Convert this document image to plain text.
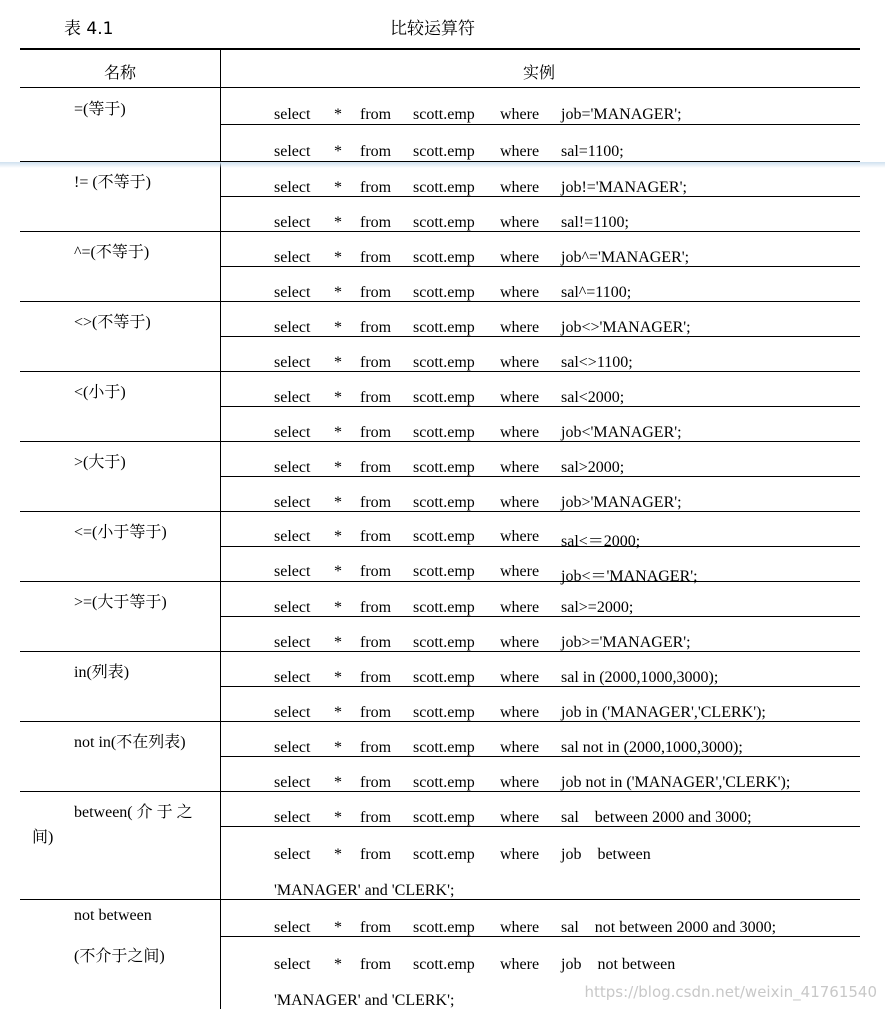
表 4.1	比较运算符
名称	实例
=(等于)	select * from scott.emp where job='MANAGER';
select * from scott.emp where sal=1100;
!= (不等于)	select * from scott.emp where job!='MANAGER';
select * from scott.emp where sal!=1100;
^=(不等于)	select * from scott.emp where job^='MANAGER';
select * from scott.emp where sal^=1100;
<>(不等于)	select * from scott.emp where job<>'MANAGER';
select * from scott.emp where sal<>1100;
<(小于)	select * from scott.emp where sal<2000;
select * from scott.emp where job<'MANAGER';
>(大于)	select * from scott.emp where sal>2000;
select * from scott.emp where job>'MANAGER';
<=(小于等于)	select * from scott.emp where sal<＝2000;
select * from scott.emp where job<＝'MANAGER';
>=(大于等于)	select * from scott.emp where sal>=2000;
select * from scott.emp where job>='MANAGER';
in(列表)	select * from scott.emp where sal in (2000,1000,3000);
select * from scott.emp where job in ('MANAGER','CLERK');
not in(不在列表)	select * from scott.emp where sal not in (2000,1000,3000);
select * from scott.emp where job not in ('MANAGER','CLERK');
between( 介 于 之
间)
select * from scott.emp where sal    between 2000 and 3000;
select * from scott.emp where job    between
'MANAGER' and 'CLERK';
not between
(不介于之间)
select * from scott.emp where sal    not between 2000 and 3000;
select * from scott.emp where job    not between
'MANAGER' and 'CLERK';	https://blog.csdn.net/weixin_41761540
